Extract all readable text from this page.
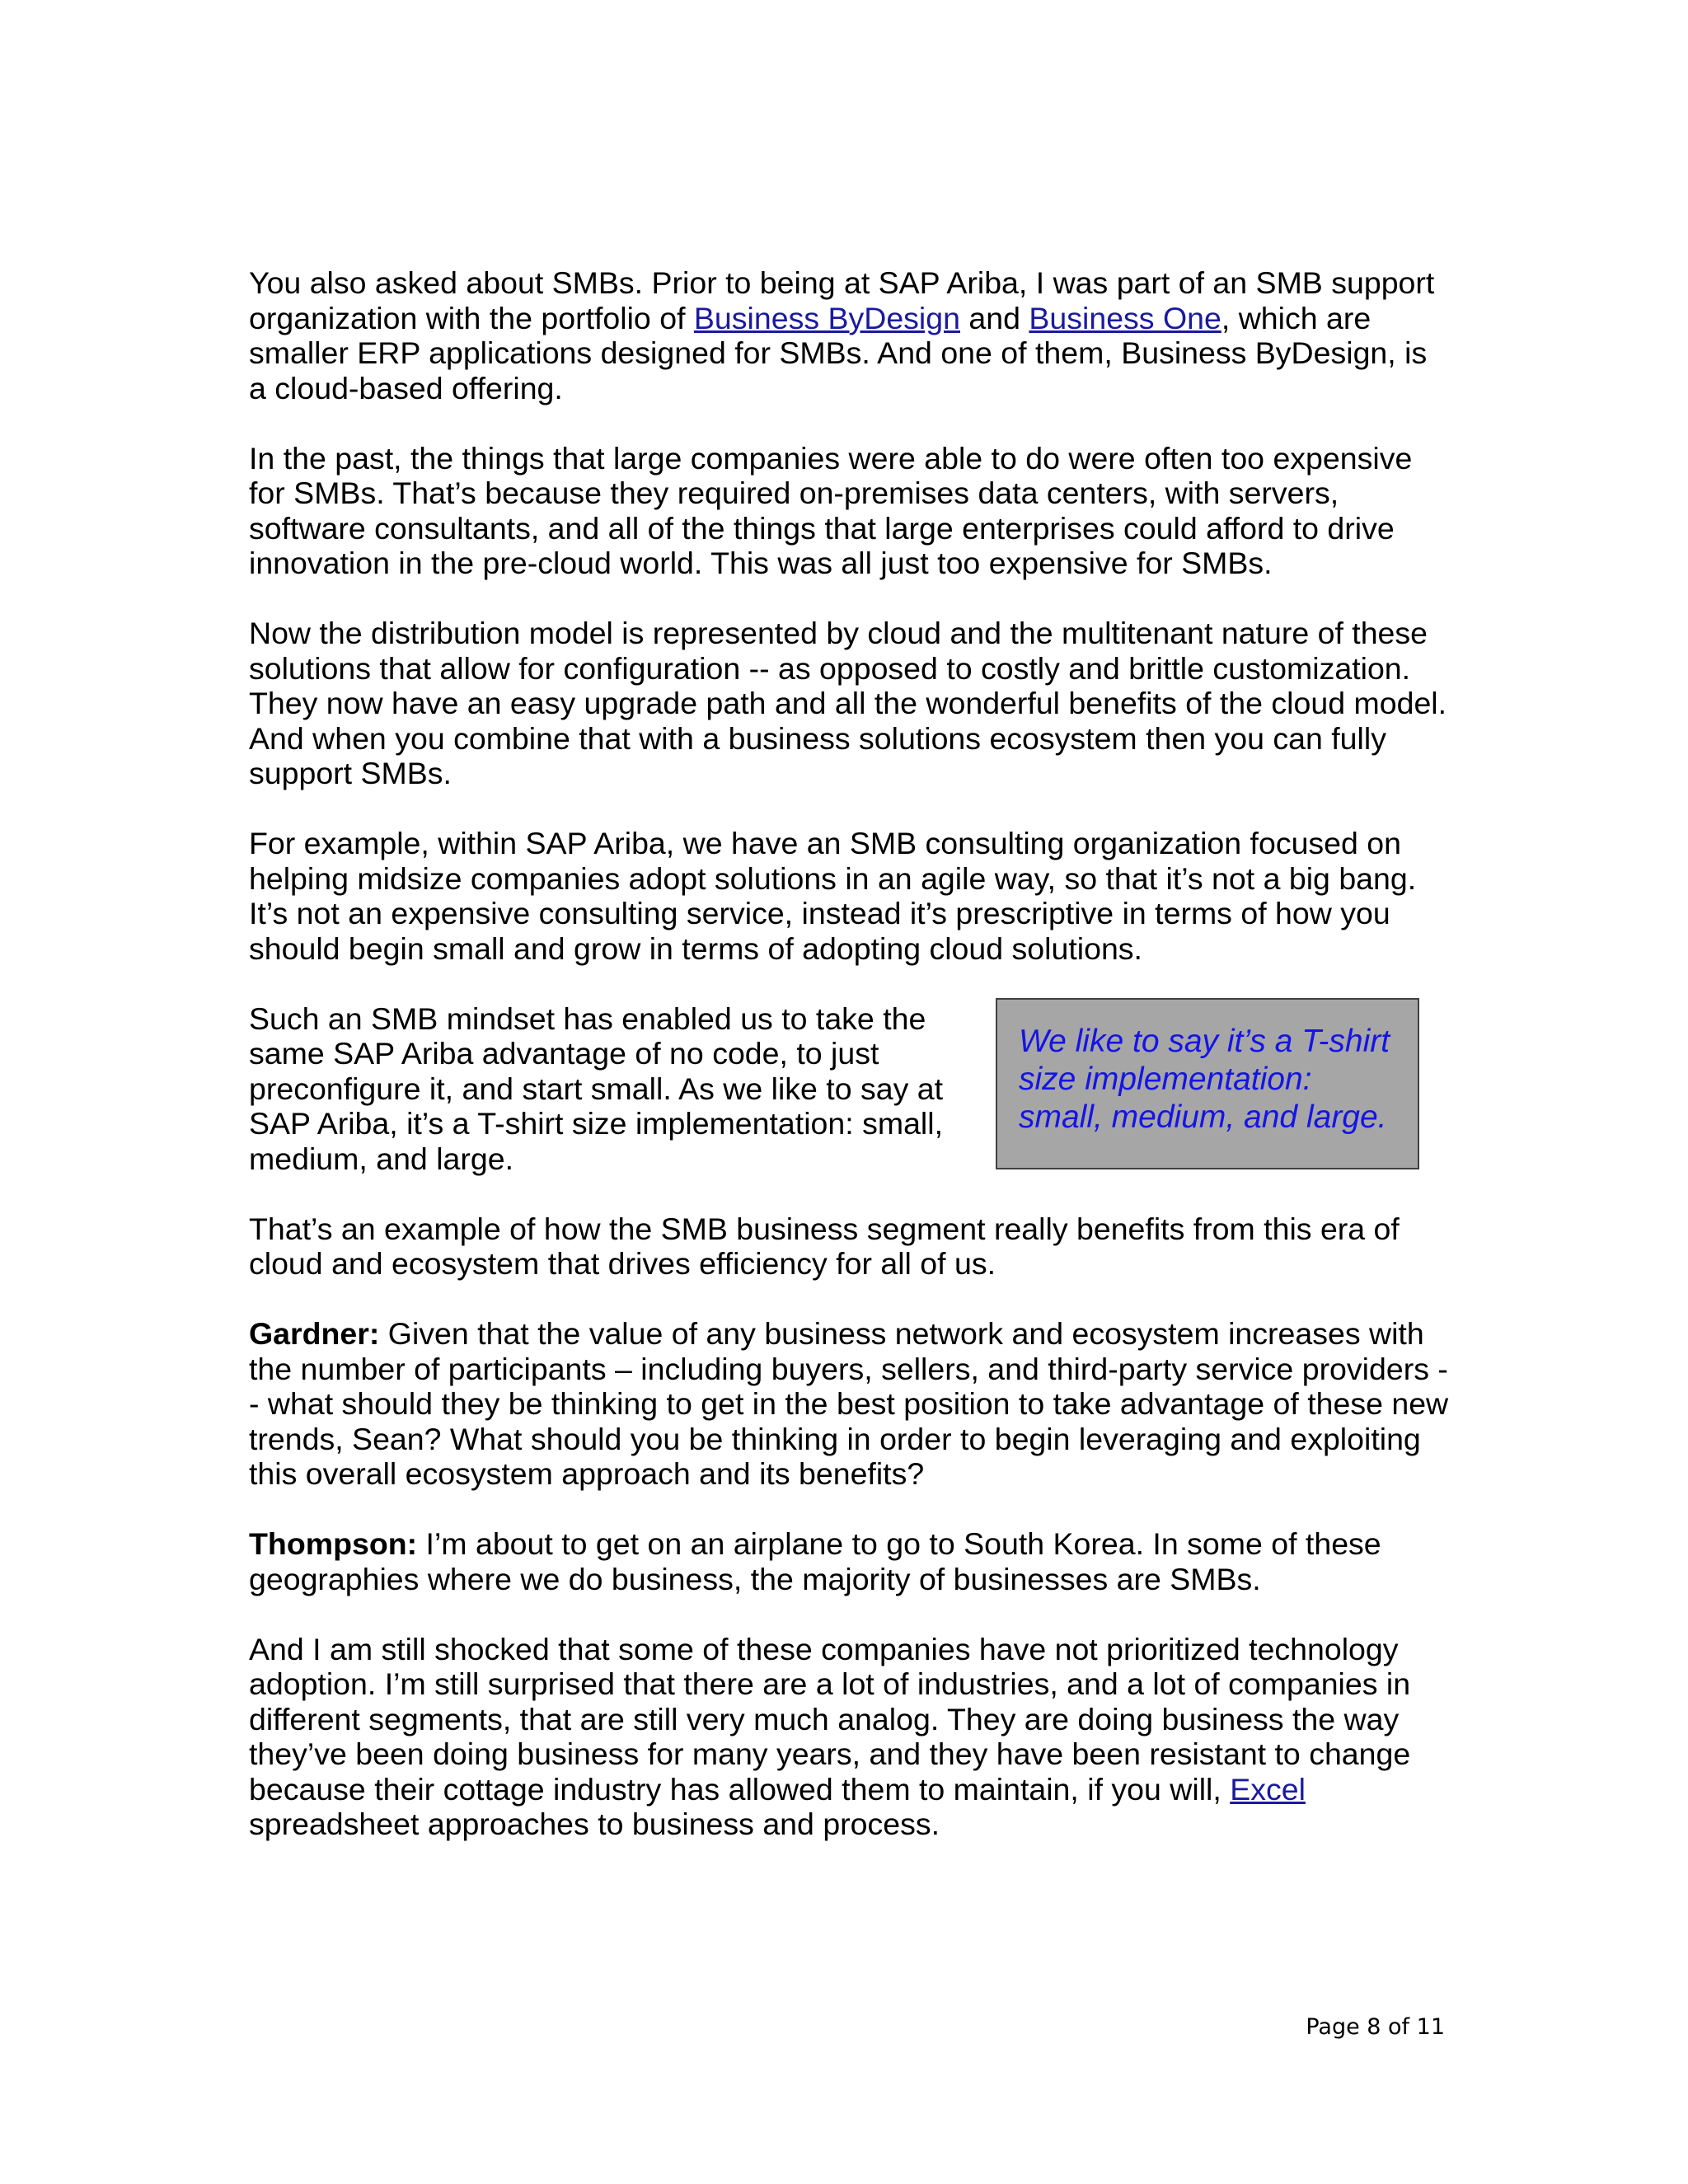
You also asked about SMBs. Prior to being at SAP Ariba, I was part of an SMB support organization with the portfolio of Business ByDesign and Business One, which are smaller ERP applications designed for SMBs. And one of them, Business ByDesign, is a cloud-based offering.

In the past, the things that large companies were able to do were often too expensive for SMBs. That’s because they required on-premises data centers, with servers, software consultants, and all of the things that large enterprises could afford to drive innovation in the pre-cloud world. This was all just too expensive for SMBs.

Now the distribution model is represented by cloud and the multitenant nature of these solutions that allow for configuration -- as opposed to costly and brittle customization. They now have an easy upgrade path and all the wonderful benefits of the cloud model. And when you combine that with a business solutions ecosystem then you can fully support SMBs.

For example, within SAP Ariba, we have an SMB consulting organization focused on helping midsize companies adopt solutions in an agile way, so that it’s not a big bang. It’s not an expensive consulting service, instead it’s prescriptive in terms of how you should begin small and grow in terms of adopting cloud solutions.

Such an SMB mindset has enabled us to take the same SAP Ariba advantage of no code, to just preconfigure it, and start small. As we like to say at SAP Ariba, it’s a T-shirt size implementation: small, medium, and large.

We like to say it’s a T-shirt size implementation: small, medium, and large.

That’s an example of how the SMB business segment really benefits from this era of cloud and ecosystem that drives efficiency for all of us.

Gardner: Given that the value of any business network and ecosystem increases with the number of participants – including buyers, sellers, and third-party service providers -- what should they be thinking to get in the best position to take advantage of these new trends, Sean? What should you be thinking in order to begin leveraging and exploiting this overall ecosystem approach and its benefits?

Thompson: I’m about to get on an airplane to go to South Korea. In some of these geographies where we do business, the majority of businesses are SMBs.

And I am still shocked that some of these companies have not prioritized technology adoption. I’m still surprised that there are a lot of industries, and a lot of companies in different segments, that are still very much analog. They are doing business the way they’ve been doing business for many years, and they have been resistant to change because their cottage industry has allowed them to maintain, if you will, Excel spreadsheet approaches to business and process.

Page 8 of 11
